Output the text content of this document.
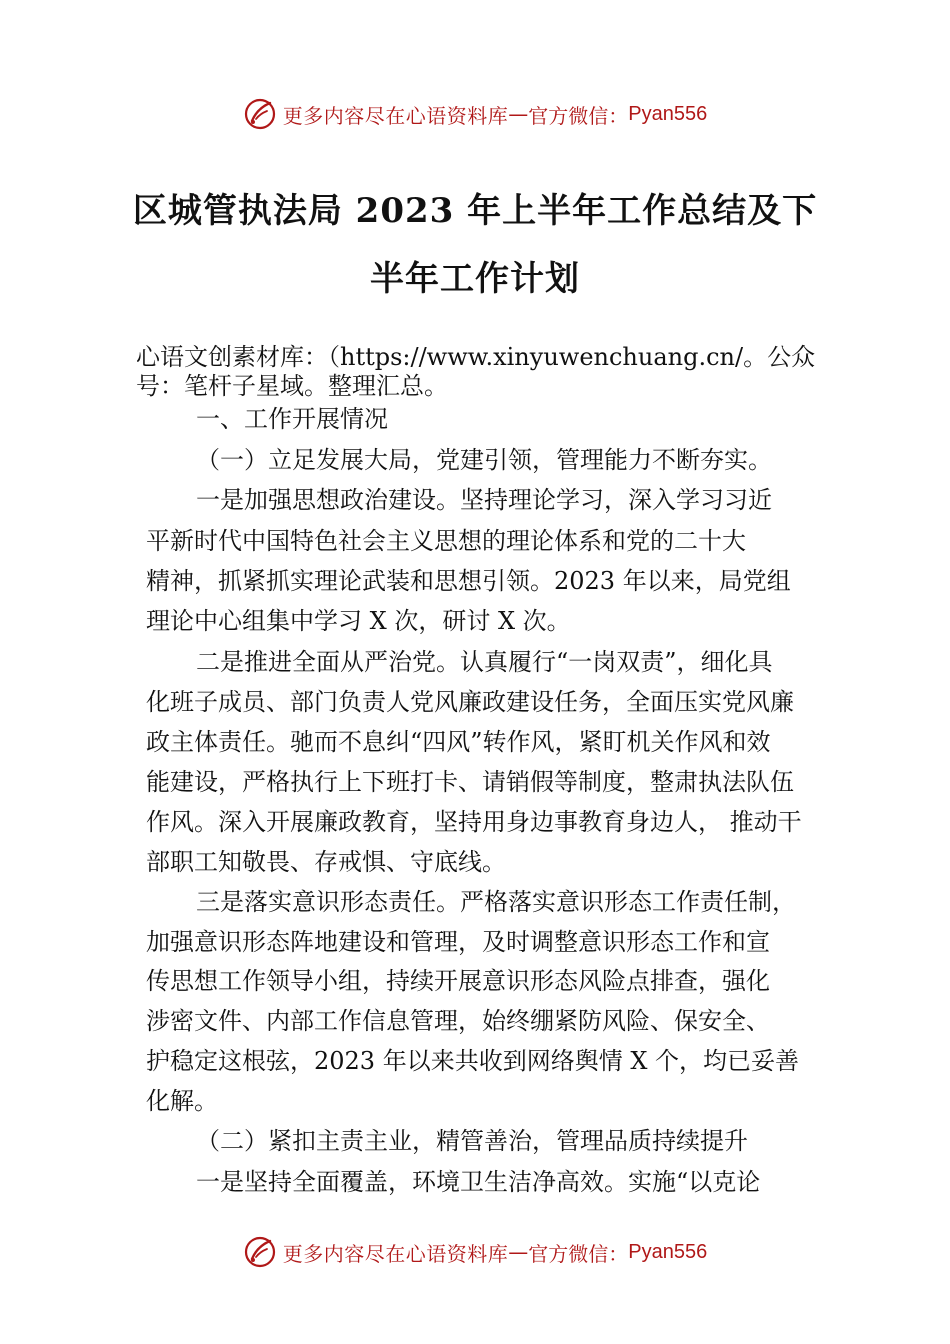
更多内容尽在心语资料库 — 官方微信： Pyan556
区城管执法局 2023 年上半年工作总结及下
半年工作计划
心语文创素材库：（https://www.xinyuwenchuang.cn/。公众
号：笔杆子星域。整理汇总。
一、工作开展情况
（一）立足发展大局，党建引领，管理能力不断夯实。
一是加强思想政治建设。坚持理论学习，深入学习习近
平新时代中国特色社会主义思想的理论体系和党的二十大
精神，抓紧抓实理论武装和思想引领。2023 年以来，局党组
理论中心组集中学习 X 次，研讨 X 次。
二是推进全面从严治党。认真履行“一岗双责”，细化具
化班子成员、部门负责人党风廉政建设任务，全面压实党风廉
政主体责任。驰而不息纠“四风”转作风，紧盯机关作风和效
能建设，严格执行上下班打卡、请销假等制度，整肃执法队伍
作风。深入开展廉政教育，坚持用身边事教育身边人， 推动干
部职工知敬畏、存戒惧、守底线。
三是落实意识形态责任。严格落实意识形态工作责任制，
加强意识形态阵地建设和管理，及时调整意识形态工作和宣
传思想工作领导小组，持续开展意识形态风险点排查，强化
涉密文件、内部工作信息管理，始终绷紧防风险、保安全、
护稳定这根弦，2023 年以来共收到网络舆情 X 个，均已妥善
化解。
（二）紧扣主责主业，精管善治，管理品质持续提升
一是坚持全面覆盖，环境卫生洁净高效。实施“以克论
更多内容尽在心语资料库 — 官方微信： Pyan556
